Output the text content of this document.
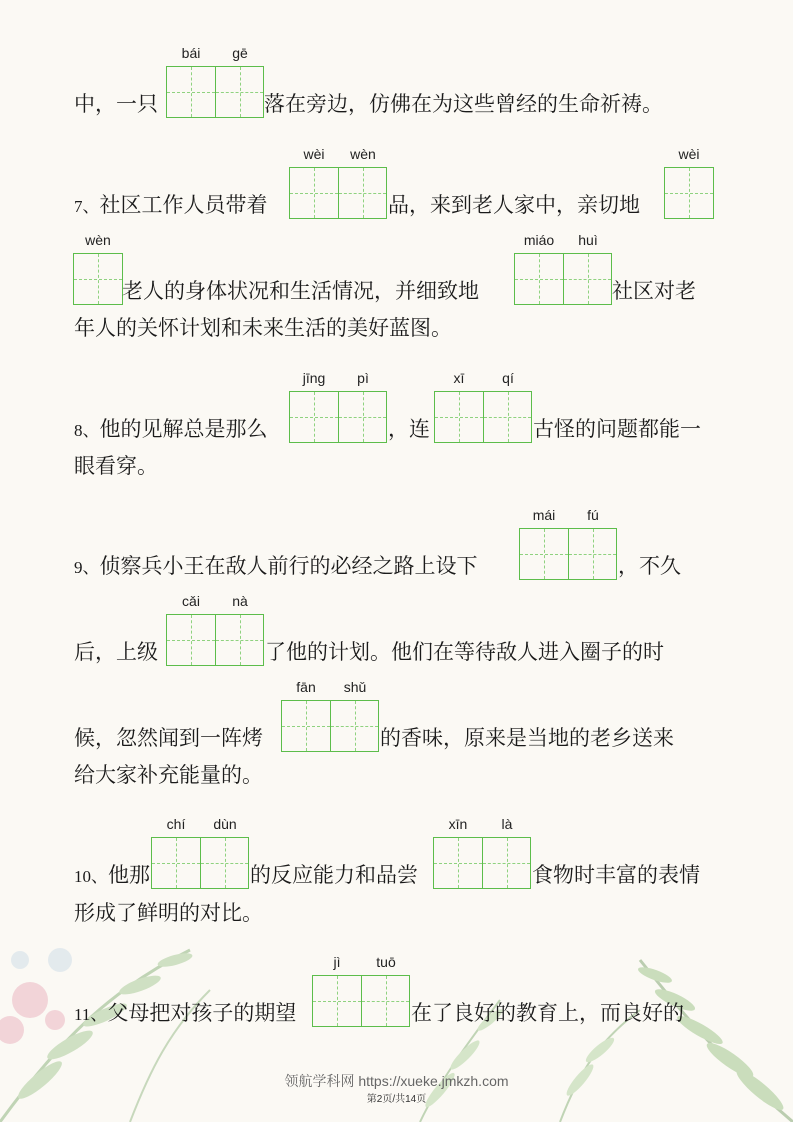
bái	gē
中，一只	落在旁边，仿佛在为这些曾经的生命祈祷。
7、社区工作人员带着
wèi	wèn
品，来到老人家中，亲切地
wèi
wèn
老人的身体状况和生活情况，并细致地
miáo	huì
社区对老
年人的关怀计划和未来生活的美好蓝图。
8、他的见解总是那么
jīng	pì
，连
xī	qí
古怪的问题都能一
眼看穿。
9、侦察兵小王在敌人前行的必经之路上设下
mái	fú
，不久
后，上级
cǎi	nà
了他的计划。他们在等待敌人进入圈子的时
候，忽然闻到一阵烤
fān	shǔ
的香味，原来是当地的老乡送来
给大家补充能量的。
10、他那
chí	dùn
的反应能力和品尝
xīn	là
食物时丰富的表情
形成了鲜明的对比。
11、父母把对孩子的期望
jì	tuō
在了良好的教育上，而良好的
领航学科网 https://xueke.jmkzh.com
第2页/共14页
